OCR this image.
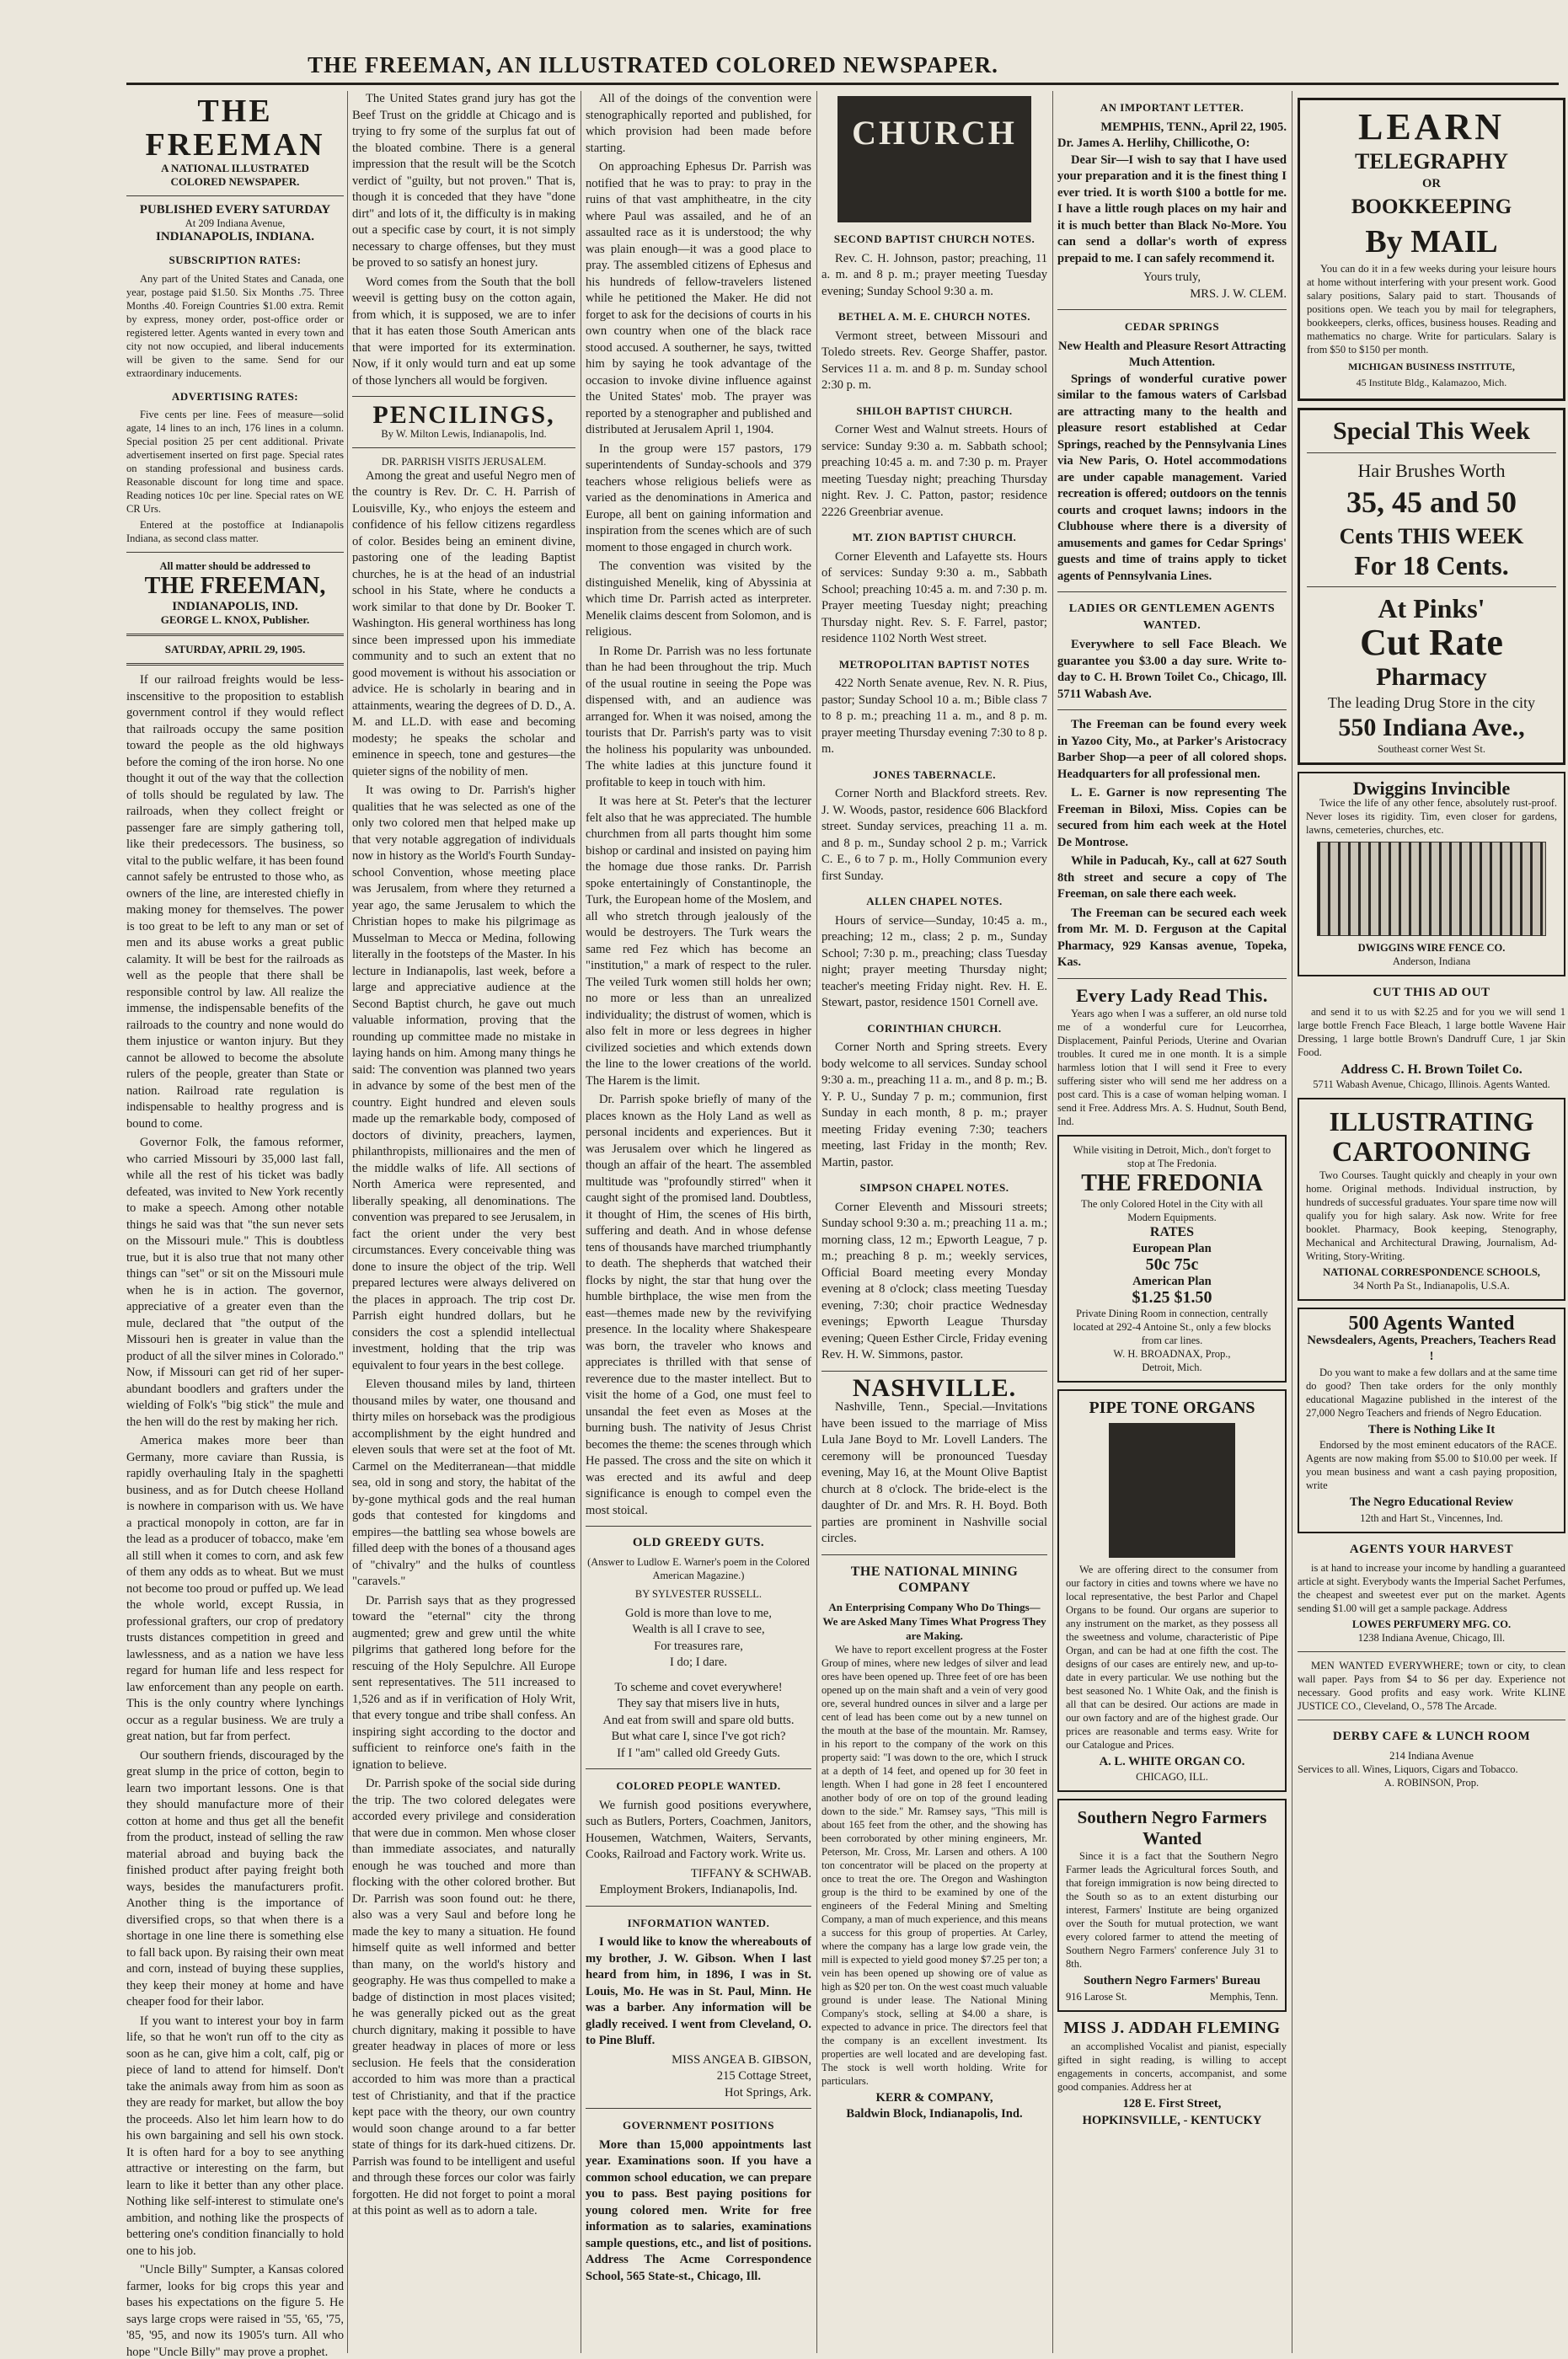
THE FREEMAN, AN ILLUSTRATED COLORED NEWSPAPER.
THE FREEMAN
A NATIONAL ILLUSTRATED
COLORED NEWSPAPER.
PUBLISHED EVERY SATURDAY
At 209 Indiana Avenue,
INDIANAPOLIS, INDIANA.
SUBSCRIPTION RATES:

Any part of the United States and Canada, one year, postage paid $1.50. Six Months .75. Three Months .40. Foreign Countries $1.00 extra. Remit by express, money order, post-office order or registered letter. Agents wanted in every town and city not now occupied, and liberal inducements will be given to the same. Send for our extraordinary inducements.

ADVERTISING RATES:

Five cents per line. Fees of measure—solid agate, 14 lines to an inch, 176 lines in a column. Special position 25 per cent additional. Private advertisement inserted on first page. Special rates on standing professional and business cards. Reasonable discount for long time and space. Reading notices 10c per line. Special rates on WE CR Urs.

Entered at the postoffice at Indianapolis Indiana, as second class matter.

All matter should be addressed to
THE FREEMAN,
INDIANAPOLIS, IND.
GEORGE L. KNOX, Publisher.
SATURDAY, APRIL 29, 1905.

If our railroad freights would be less-inscensitive to the proposition to establish government control if they would reflect that railroads occupy the same position toward the people as the old highways before the coming of the iron horse. No one thought it out of the way that the collection of tolls should be regulated by law. The railroads, when they collect freight or passenger fare are simply gathering toll, like their predecessors. The business, so vital to the public welfare, it has been found cannot safely be entrusted to those who, as owners of the line, are interested chiefly in making money for themselves. The power is too great to be left to any man or set of men and its abuse works a great public calamity. It will be best for the railroads as well as the people that there shall be responsible control by law. All realize the immense, the indispensable benefits of the railroads to the country and none would do them injustice or wanton injury. But they cannot be allowed to become the absolute rulers of the people, greater than State or nation. Railroad rate regulation is indispensable to healthy progress and is bound to come.

Governor Folk, the famous reformer, who carried Missouri by 35,000 last fall, while all the rest of his ticket was badly defeated, was invited to New York recently to make a speech. Among other notable things he said was that "the sun never sets on the Missouri mule." This is doubtless true, but it is also true that not many other things can "set" or sit on the Missouri mule when he is in action. The governor, appreciative of a greater even than the mule, declared that "the output of the Missouri hen is greater in value than the product of all the silver mines in Colorado." Now, if Missouri can get rid of her super-abundant boodlers and grafters under the wielding of Folk's "big stick" the mule and the hen will do the rest by making her rich.

America makes more beer than Germany, more caviare than Russia, is rapidly overhauling Italy in the spaghetti business, and as for Dutch cheese Holland is nowhere in comparison with us. We have a practical monopoly in cotton, are far in the lead as a producer of tobacco, make 'em all still when it comes to corn, and ask few of them any odds as to wheat. But we must not become too proud or puffed up. We lead the whole world, except Russia, in professional grafters, our crop of predatory trusts distances competition in greed and lawlessness, and as a nation we have less regard for human life and less respect for law enforcement than any people on earth. This is the only country where lynchings occur as a regular business. We are truly a great nation, but far from perfect.

Our southern friends, discouraged by the great slump in the price of cotton, begin to learn two important lessons. One is that they should manufacture more of their cotton at home and thus get all the benefit from the product, instead of selling the raw material abroad and buying back the finished product after paying freight both ways, besides the manufacturers profit. Another thing is the importance of diversified crops, so that when there is a shortage in one line there is something else to fall back upon. By raising their own meat and corn, instead of buying these supplies, they keep their money at home and have cheaper food for their labor.

If you want to interest your boy in farm life, so that he won't run off to the city as soon as he can, give him a colt, calf, pig or piece of land to attend for himself. Don't take the animals away from him as soon as they are ready for market, but allow the boy the proceeds. Also let him learn how to do his own bargaining and sell his own stock. It is often hard for a boy to see anything attractive or interesting on the farm, but learn to like it better than any other place. Nothing like self-interest to stimulate one's ambition, and nothing like the prospects of bettering one's condition financially to hold one to his job.

"Uncle Billy" Sumpter, a Kansas colored farmer, looks for big crops this year and bases his expectations on the figure 5. He says large crops were raised in '55, '65, '75, '85, '95, and now its 1905's turn. All who hope "Uncle Billy" may prove a prophet.

The United States grand jury has got the Beef Trust on the griddle at Chicago and is trying to fry some of the surplus fat out of the bloated combine. There is a general impression that the result will be the Scotch verdict of "guilty, but not proven." That is, though it is conceded that they have "done dirt" and lots of it, the difficulty is in making out a specific case by court, it is not simply necessary to charge offenses, but they must be proved to so satisfy an honest jury.

Word comes from the South that the boll weevil is getting busy on the cotton again, from which, it is supposed, we are to infer that it has eaten those South American ants that were imported for its extermination. Now, if it only would turn and eat up some of those lynchers all would be forgiven.

PENCILINGS,
By W. Milton Lewis, Indianapolis, Ind.
DR. PARRISH VISITS JERUSALEM.

Among the great and useful Negro men of the country is Rev. Dr. C. H. Parrish of Louisville, Ky., who enjoys the esteem and confidence of his fellow citizens regardless of color. Besides being an eminent divine, pastoring one of the leading Baptist churches, he is at the head of an industrial school in his State, where he conducts a work similar to that done by Dr. Booker T. Washington. His general worthiness has long since been impressed upon his immediate community and to such an extent that no good movement is without his association or advice. He is scholarly in bearing and in attainments, wearing the degrees of D. D., A. M. and LL.D. with ease and becoming modesty; he speaks the scholar and eminence in speech, tone and gestures—the quieter signs of the nobility of men.

It was owing to Dr. Parrish's higher qualities that he was selected as one of the only two colored men that helped make up that very notable aggregation of individuals now in history as the World's Fourth Sunday-school Convention, whose meeting place was Jerusalem, from where they returned a year ago, the same Jerusalem to which the Christian hopes to make his pilgrimage as Musselman to Mecca or Medina, following literally in the footsteps of the Master. In his lecture in Indianapolis, last week, before a large and appreciative audience at the Second Baptist church, he gave out much valuable information, proving that the rounding up committee made no mistake in laying hands on him. Among many things he said: The convention was planned two years in advance by some of the best men of the country. Eight hundred and eleven souls made up the remarkable body, composed of doctors of divinity, preachers, laymen, philanthropists, millionaires and the men of the middle walks of life. All sections of North America were represented, and liberally speaking, all denominations. The convention was prepared to see Jerusalem, in fact the orient under the very best circumstances. Every conceivable thing was done to insure the object of the trip. Well prepared lectures were always delivered on the places in approach. The trip cost Dr. Parrish eight hundred dollars, but he considers the cost a splendid intellectual investment, holding that the trip was equivalent to four years in the best college.

Eleven thousand miles by land, thirteen thousand miles by water, one thousand and thirty miles on horseback was the prodigious accomplishment by the eight hundred and eleven souls that were set at the foot of Mt. Carmel on the Mediterranean—that middle sea, old in song and story, the habitat of the by-gone mythical gods and the real human gods that contested for kingdoms and empires—the battling sea whose bowels are filled deep with the bones of a thousand ages of "chivalry" and the hulks of countless "caravels."

Dr. Parrish says that as they progressed toward the "eternal" city the throng augmented; grew and grew until the white pilgrims that gathered long before for the rescuing of the Holy Sepulchre. All Europe sent representatives. The 511 increased to 1,526 and as if in verification of Holy Writ, that every tongue and tribe shall confess. An inspiring sight according to the doctor and sufficient to reinforce one's faith in the ignation to believe.

Dr. Parrish spoke of the social side during the trip. The two colored delegates were accorded every privilege and consideration that were due in common. Men whose closer than immediate associates, and naturally enough he was touched and more than flocking with the other colored brother. But Dr. Parrish was soon found out: he there, also was a very Saul and before long he made the key to many a situation. He found himself quite as well informed and better than many, on the world's history and geography. He was thus compelled to make a badge of distinction in most places visited; he was generally picked out as the great church dignitary, making it possible to have greater headway in places of more or less seclusion. He feels that the consideration accorded to him was more than a practical test of Christianity, and that if the practice kept pace with the theory, our own country would soon change around to a far better state of things for its dark-hued citizens. Dr. Parrish was found to be intelligent and useful and through these forces our color was fairly forgotten. He did not forget to point a moral at this point as well as to adorn a tale.

All of the doings of the convention were stenographically reported and published, for which provision had been made before starting.

On approaching Ephesus Dr. Parrish was notified that he was to pray: to pray in the ruins of that vast amphitheatre, in the city where Paul was assailed, and he of an assaulted race as it is understood; the why was plain enough—it was a good place to pray. The assembled citizens of Ephesus and his hundreds of fellow-travelers listened while he petitioned the Maker. He did not forget to ask for the decisions of courts in his own country when one of the black race stood accused. A southerner, he says, twitted him by saying he took advantage of the occasion to invoke divine influence against the United States' mob. The prayer was reported by a stenographer and published and distributed at Jerusalem April 1, 1904.

In the group were 157 pastors, 179 superintendents of Sunday-schools and 379 teachers whose religious beliefs were as varied as the denominations in America and Europe, all bent on gaining information and inspiration from the scenes which are of such moment to those engaged in church work.

The convention was visited by the distinguished Menelik, king of Abyssinia at which time Dr. Parrish acted as interpreter. Menelik claims descent from Solomon, and is religious.

In Rome Dr. Parrish was no less fortunate than he had been throughout the trip. Much of the usual routine in seeing the Pope was dispensed with, and an audience was arranged for. When it was noised, among the tourists that Dr. Parrish's party was to visit the holiness his popularity was unbounded. The white ladies at this juncture found it profitable to keep in touch with him.

It was here at St. Peter's that the lecturer felt also that he was appreciated. The humble churchmen from all parts thought him some bishop or cardinal and insisted on paying him the homage due those ranks. Dr. Parrish spoke entertainingly of Constantinople, the Turk, the European home of the Moslem, and all who stretch through jealously of the would be destroyers. The Turk wears the same red Fez which has become an "institution," a mark of respect to the ruler. The veiled Turk women still holds her own; no more or less than an unrealized individuality; the distrust of women, which is also felt in more or less degrees in higher civilized societies and which extends down the line to the lower creations of the world. The Harem is the limit.

Dr. Parrish spoke briefly of many of the places known as the Holy Land as well as personal incidents and experiences. But it was Jerusalem over which he lingered as though an affair of the heart. The assembled multitude was "profoundly stirred" when it caught sight of the promised land. Doubtless, it thought of Him, the scenes of His birth, suffering and death. And in whose defense tens of thousands have marched triumphantly to death. The shepherds that watched their flocks by night, the star that hung over the humble birthplace, the wise men from the east—themes made new by the revivifying presence. In the locality where Shakespeare was born, the traveler who knows and appreciates is thrilled with that sense of reverence due to the master intellect. But to visit the home of a God, one must feel to unsandal the feet even as Moses at the burning bush. The nativity of Jesus Christ becomes the theme: the scenes through which He passed. The cross and the site on which it was erected and its awful and deep significance is enough to compel even the most stoical.

OLD GREEDY GUTS.
(Answer to Ludlow E. Warner's poem in the Colored American Magazine.)
BY SYLVESTER RUSSELL.

Gold is more than love to me,

Wealth is all I crave to see,

For treasures rare,

I do; I dare.

To scheme and covet everywhere!

They say that misers live in huts,

And eat from swill and spare old butts.

But what care I, since I've got rich?

If I "am" called old Greedy Guts.

COLORED PEOPLE WANTED.

We furnish good positions everywhere, such as Butlers, Porters, Coachmen, Janitors, Housemen, Watchmen, Waiters, Servants, Cooks, Railroad and Factory work. Write us.

TIFFANY & SCHWAB.
Employment Brokers, Indianapolis, Ind.
INFORMATION WANTED.

I would like to know the whereabouts of my brother, J. W. Gibson. When I last heard from him, in 1896, I was in St. Louis, Mo. He was in St. Paul, Minn. He was a barber. Any information will be gladly received. I went from Cleveland, O. to Pine Bluff.

MISS ANGEA B. GIBSON,
215 Cottage Street,
Hot Springs, Ark.
GOVERNMENT POSITIONS

More than 15,000 appointments last year. Examinations soon. If you have a common school education, we can prepare you to pass. Best paying positions for young colored men. Write for free information as to salaries, examinations sample questions, etc., and list of positions. Address The Acme Correspondence School, 565 State-st., Chicago, Ill.

CHURCH
SECOND BAPTIST CHURCH NOTES.

Rev. C. H. Johnson, pastor; preaching, 11 a. m. and 8 p. m.; prayer meeting Tuesday evening; Sunday School 9:30 a. m.

BETHEL A. M. E. CHURCH NOTES.

Vermont street, between Missouri and Toledo streets. Rev. George Shaffer, pastor. Services 11 a. m. and 8 p. m. Sunday school 2:30 p. m.

SHILOH BAPTIST CHURCH.

Corner West and Walnut streets. Hours of service: Sunday 9:30 a. m. Sabbath school; preaching 10:45 a. m. and 7:30 p. m. Prayer meeting Tuesday night; preaching Thursday night. Rev. J. C. Patton, pastor; residence 2226 Greenbriar avenue.

MT. ZION BAPTIST CHURCH.

Corner Eleventh and Lafayette sts. Hours of services: Sunday 9:30 a. m., Sabbath School; preaching 10:45 a. m. and 7:30 p. m. Prayer meeting Tuesday night; preaching Thursday night. Rev. S. F. Farrel, pastor; residence 1102 North West street.

METROPOLITAN BAPTIST NOTES

422 North Senate avenue, Rev. N. R. Pius, pastor; Sunday School 10 a. m.; Bible class 7 to 8 p. m.; preaching 11 a. m., and 8 p. m. prayer meeting Thursday evening 7:30 to 8 p. m.

JONES TABERNACLE.

Corner North and Blackford streets. Rev. J. W. Woods, pastor, residence 606 Blackford street. Sunday services, preaching 11 a. m. and 8 p. m., Sunday school 2 p. m.; Varrick C. E., 6 to 7 p. m., Holly Communion every first Sunday.

ALLEN CHAPEL NOTES.

Hours of service—Sunday, 10:45 a. m., preaching; 12 m., class; 2 p. m., Sunday School; 7:30 p. m., preaching; class Tuesday night; prayer meeting Thursday night; teacher's meeting Friday night. Rev. H. E. Stewart, pastor, residence 1501 Cornell ave.

CORINTHIAN CHURCH.

Corner North and Spring streets. Every body welcome to all services. Sunday school 9:30 a. m., preaching 11 a. m., and 8 p. m.; B. Y. P. U., Sunday 7 p. m.; communion, first Sunday in each month, 8 p. m.; prayer meeting Friday evening 7:30; teachers meeting, last Friday in the month; Rev. Martin, pastor.

SIMPSON CHAPEL NOTES.

Corner Eleventh and Missouri streets; Sunday school 9:30 a. m.; preaching 11 a. m.; morning class, 12 m.; Epworth League, 7 p. m.; preaching 8 p. m.; weekly services, Official Board meeting every Monday evening at 8 o'clock; class meeting Tuesday evening, 7:30; choir practice Wednesday evenings; Epworth League Thursday evening; Queen Esther Circle, Friday evening Rev. H. W. Simmons, pastor.

NASHVILLE.

Nashville, Tenn., Special.—Invitations have been issued to the marriage of Miss Lula Jane Boyd to Mr. Lovell Landers. The ceremony will be pronounced Tuesday evening, May 16, at the Mount Olive Baptist church at 8 o'clock. The bride-elect is the daughter of Dr. and Mrs. R. H. Boyd. Both parties are prominent in Nashville social circles.

THE NATIONAL MINING COMPANY
An Enterprising Company Who Do Things—We are Asked Many Times What Progress They are Making.

We have to report excellent progress at the Foster Group of mines, where new ledges of silver and lead ores have been opened up. Three feet of ore has been opened up on the main shaft and a vein of very good ore, several hundred ounces in silver and a large per cent of lead has been come out by a new tunnel on the mouth at the base of the mountain. Mr. Ramsey, in his report to the company of the work on this property said: "I was down to the ore, which I struck at a depth of 14 feet, and opened up for 30 feet in length. When I had gone in 28 feet I encountered another body of ore on top of the ground leading down to the side." Mr. Ramsey says, "This mill is about 165 feet from the other, and the showing has been corroborated by other mining engineers, Mr. Peterson, Mr. Cross, Mr. Larsen and others. A 100 ton concentrator will be placed on the property at once to treat the ore. The Oregon and Washington group is the third to be examined by one of the engineers of the Federal Mining and Smelting Company, a man of much experience, and this means a success for this group of properties. At Carley, where the company has a large low grade vein, the mill is expected to yield good money $7.25 per ton; a vein has been opened up showing ore of value as high as $20 per ton. On the west coast much valuable ground is under lease. The National Mining Company's stock, selling at $4.00 a share, is expected to advance in price. The directors feel that the company is an excellent investment. Its properties are well located and are developing fast. The stock is well worth holding. Write for particulars.

KERR & COMPANY,
Baldwin Block, Indianapolis, Ind.
AN IMPORTANT LETTER.
MEMPHIS, TENN., April 22, 1905.
Dr. James A. Herlihy, Chillicothe, O:

Dear Sir—I wish to say that I have used your preparation and it is the finest thing I ever tried. It is worth $100 a bottle for me. I have a little rough places on my hair and it is much better than Black No-More. You can send a dollar's worth of express prepaid to me. I can safely recommend it.

Yours truly,
MRS. J. W. CLEM.
CEDAR SPRINGS
New Health and Pleasure Resort Attracting Much Attention.

Springs of wonderful curative power similar to the famous waters of Carlsbad are attracting many to the health and pleasure resort established at Cedar Springs, reached by the Pennsylvania Lines via New Paris, O. Hotel accommodations are under capable management. Varied recreation is offered; outdoors on the tennis courts and croquet lawns; indoors in the Clubhouse where there is a diversity of amusements and games for Cedar Springs' guests and time of trains apply to ticket agents of Pennsylvania Lines.

LADIES OR GENTLEMEN AGENTS WANTED.

Everywhere to sell Face Bleach. We guarantee you $3.00 a day sure. Write to-day to C. H. Brown Toilet Co., Chicago, Ill. 5711 Wabash Ave.

The Freeman can be found every week in Yazoo City, Mo., at Parker's Aristocracy Barber Shop—a peer of all colored shops. Headquarters for all professional men.

L. E. Garner is now representing The Freeman in Biloxi, Miss. Copies can be secured from him each week at the Hotel De Montrose.

While in Paducah, Ky., call at 627 South 8th street and secure a copy of The Freeman, on sale there each week.

The Freeman can be secured each week from Mr. M. D. Ferguson at the Capital Pharmacy, 929 Kansas avenue, Topeka, Kas.

Every Lady Read This.

Years ago when I was a sufferer, an old nurse told me of a wonderful cure for Leucorrhea, Displacement, Painful Periods, Uterine and Ovarian troubles. It cured me in one month. It is a simple harmless lotion that I will send it Free to every suffering sister who will send me her address on a post card. This is a case of woman helping woman. I send it Free. Address Mrs. A. S. Hudnut, South Bend, Ind.

While visiting in Detroit, Mich., don't forget to stop at The Fredonia.
THE FREDONIA
The only Colored Hotel in the City with all Modern Equipments.
RATES
European Plan
50c 75c
American Plan
$1.25 $1.50
Private Dining Room in connection, centrally located at 292-4 Antoine St., only a few blocks from car lines.
W. H. BROADNAX, Prop.,
Detroit, Mich.
PIPE TONE ORGANS

We are offering direct to the consumer from our factory in cities and towns where we have no local representative, the best Parlor and Chapel Organs to be found. Our organs are superior to any instrument on the market, as they possess all the sweetness and volume, characteristic of Pipe Organ, and can be had at one fifth the cost. The designs of our cases are entirely new, and up-to-date in every particular. We use nothing but the best seasoned No. 1 White Oak, and the finish is all that can be desired. Our actions are made in our own factory and are of the highest grade. Our prices are reasonable and terms easy. Write for our Catalogue and Prices.

A. L. WHITE ORGAN CO.
CHICAGO, ILL.
Southern Negro Farmers Wanted

Since it is a fact that the Southern Negro Farmer leads the Agricultural forces South, and that foreign immigration is now being directed to the South so as to an extent disturbing our interest, Farmers' Institute are being organized over the South for mutual protection, we want every colored farmer to attend the meeting of Southern Negro Farmers' conference July 31 to 8th.

Southern Negro Farmers' Bureau
916 Larose St.	Memphis, Tenn.
MISS J. ADDAH FLEMING

an accomplished Vocalist and pianist, especially gifted in sight reading, is willing to accept engagements in concerts, accompanist, and some good companies. Address her at

128 E. First Street,
HOPKINSVILLE, - KENTUCKY
LEARN
TELEGRAPHY
OR
BOOKKEEPING
By MAIL

You can do it in a few weeks during your leisure hours at home without interfering with your present work. Good salary positions, Salary paid to start. Thousands of positions open. We teach you by mail for telegraphers, bookkeepers, clerks, offices, business houses. Reading and mathematics no charge. Write for particulars. Salary is from $50 to $150 per month.

MICHIGAN BUSINESS INSTITUTE,
45 Institute Bldg., Kalamazoo, Mich.
Special This Week
Hair Brushes Worth
35, 45 and 50
Cents THIS WEEK
For 18 Cents.
At Pinks'
Cut Rate
Pharmacy
The leading Drug Store in the city
550 Indiana Ave.,
Southeast corner West St.
Dwiggins Invincible

Twice the life of any other fence, absolutely rust-proof. Never loses its rigidity. Tim, even closer for gardens, lawns, cemeteries, churches, etc.

DWIGGINS WIRE FENCE CO.
Anderson, Indiana
CUT THIS AD OUT

and send it to us with $2.25 and for you we will send 1 large bottle French Face Bleach, 1 large bottle Wavene Hair Dressing, 1 large bottle Brown's Dandruff Cure, 1 jar Skin Food.

Address C. H. Brown Toilet Co.
5711 Wabash Avenue, Chicago, Illinois. Agents Wanted.
ILLUSTRATING
CARTOONING

Two Courses. Taught quickly and cheaply in your own home. Original methods. Individual instruction, by hundreds of successful graduates. Your spare time now will qualify you for high salary. Ask now. Write for free booklet. Pharmacy, Book keeping, Stenography, Mechanical and Architectural Drawing, Journalism, Ad-Writing, Story-Writing.

NATIONAL CORRESPONDENCE SCHOOLS,
34 North Pa St., Indianapolis, U.S.A.
500 Agents Wanted
Newsdealers, Agents, Preachers, Teachers Read !

Do you want to make a few dollars and at the same time do good? Then take orders for the only monthly educational Magazine published in the interest of the 27,000 Negro Teachers and friends of Negro Education.

There is Nothing Like It

Endorsed by the most eminent educators of the RACE. Agents are now making from $5.00 to $10.00 per week. If you mean business and want a cash paying proposition, write

The Negro Educational Review
12th and Hart St., Vincennes, Ind.
AGENTS YOUR HARVEST

is at hand to increase your income by handling a guaranteed article at sight. Everybody wants the Imperial Sachet Perfumes, the cheapest and sweetest ever put on the market. Agents sending $1.00 will get a sample package. Address

LOWES PERFUMERY MFG. CO.
1238 Indiana Avenue, Chicago, Ill.

MEN WANTED EVERYWHERE; town or city, to clean wall paper. Pays from $4 to $6 per day. Experience not necessary. Good profits and easy work. Write KLINE JUSTICE CO., Cleveland, O., 578 The Arcade.

DERBY CAFE & LUNCH ROOM
214 Indiana Avenue
Services to all. Wines, Liquors, Cigars and Tobacco.
A. ROBINSON, Prop.
